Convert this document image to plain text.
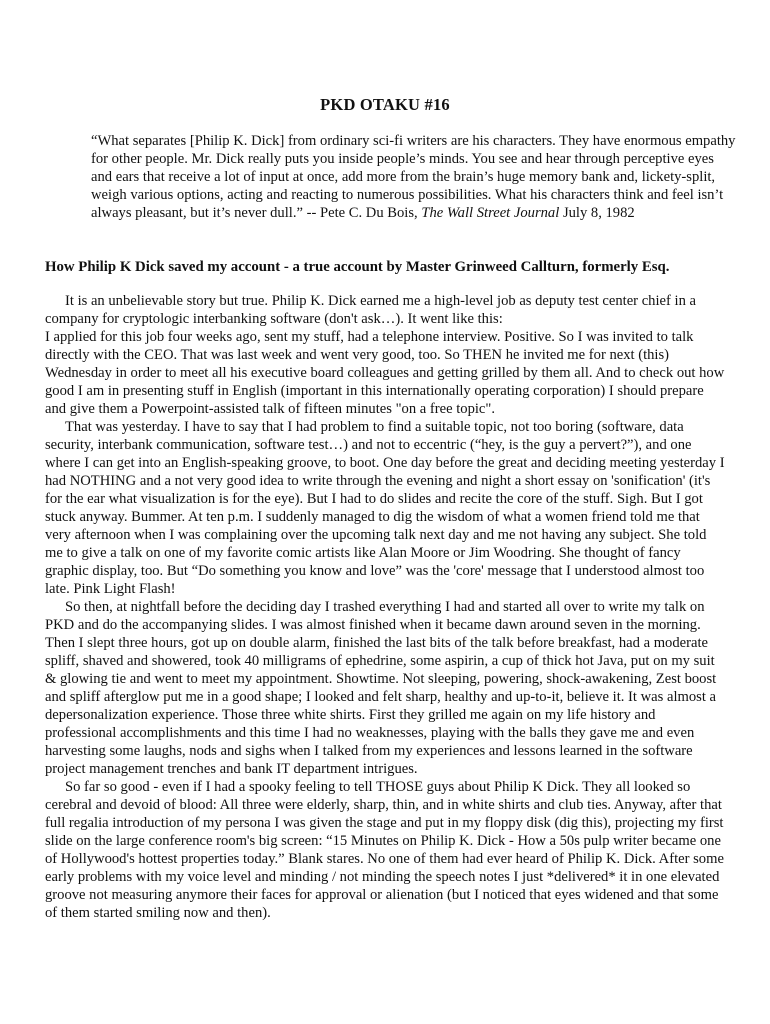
PKD OTAKU #16
“What separates [Philip K. Dick] from ordinary sci-fi writers are his characters. They have enormous empathy for other people. Mr. Dick really puts you inside people’s minds. You see and hear through perceptive eyes and ears that receive a lot of input at once, add more from the brain’s huge memory bank and, lickety-split, weigh various options, acting and reacting to numerous possibilities. What his characters think and feel isn’t always pleasant, but it’s never dull.” -- Pete C. Du Bois, The Wall Street Journal July 8, 1982
How Philip K Dick saved my account - a true account by Master Grinweed Callturn, formerly Esq.

It is an unbelievable story but true. Philip K. Dick earned me a high-level job as deputy test center chief in a company for cryptologic interbanking software (don't ask…). It went like this:

I applied for this job four weeks ago, sent my stuff, had a telephone interview. Positive. So I was invited to talk directly with the CEO. That was last week and went very good, too. So THEN he invited me for next (this) Wednesday in order to meet all his executive board colleagues and getting grilled by them all. And to check out how good I am in presenting stuff in English (important in this internationally operating corporation) I should prepare and give them a Powerpoint-assisted talk of fifteen minutes "on a free topic".

That was yesterday. I have to say that I had problem to find a suitable topic, not too boring (software, data security, interbank communication, software test…) and not to eccentric (“hey, is the guy a pervert?”), and one where I can get into an English-speaking groove, to boot. One day before the great and deciding meeting yesterday I had NOTHING and a not very good idea to write through the evening and night a short essay on 'sonification' (it's for the ear what visualization is for the eye). But I had to do slides and recite the core of the stuff. Sigh. But I got stuck anyway. Bummer. At ten p.m. I suddenly managed to dig the wisdom of what a women friend told me that very afternoon when I was complaining over the upcoming talk next day and me not having any subject. She told me to give a talk on one of my favorite comic artists like Alan Moore or Jim Woodring. She thought of fancy graphic display, too. But “Do something you know and love” was the 'core' message that I understood almost too late. Pink Light Flash!

So then, at nightfall before the deciding day I trashed everything I had and started all over to write my talk on PKD and do the accompanying slides. I was almost finished when it became dawn around seven in the morning. Then I slept three hours, got up on double alarm, finished the last bits of the talk before breakfast, had a moderate spliff, shaved and showered, took 40 milligrams of ephedrine, some aspirin, a cup of thick hot Java, put on my suit & glowing tie and went to meet my appointment. Showtime. Not sleeping, powering, shock-awakening, Zest boost and spliff afterglow put me in a good shape; I looked and felt sharp, healthy and up-to-it, believe it. It was almost a depersonalization experience. Those three white shirts. First they grilled me again on my life history and professional accomplishments and this time I had no weaknesses, playing with the balls they gave me and even harvesting some laughs, nods and sighs when I talked from my experiences and lessons learned in the software project management trenches and bank IT department intrigues.

So far so good - even if I had a spooky feeling to tell THOSE guys about Philip K Dick. They all looked so cerebral and devoid of blood: All three were elderly, sharp, thin, and in white shirts and club ties. Anyway, after that full regalia introduction of my persona I was given the stage and put in my floppy disk (dig this), projecting my first slide on the large conference room's big screen: “15 Minutes on Philip K. Dick - How a 50s pulp writer became one of Hollywood's hottest properties today.” Blank stares. No one of them had ever heard of Philip K. Dick. After some early problems with my voice level and minding / not minding the speech notes I just *delivered* it in one elevated groove not measuring anymore their faces for approval or alienation (but I noticed that eyes widened and that some of them started smiling now and then).
